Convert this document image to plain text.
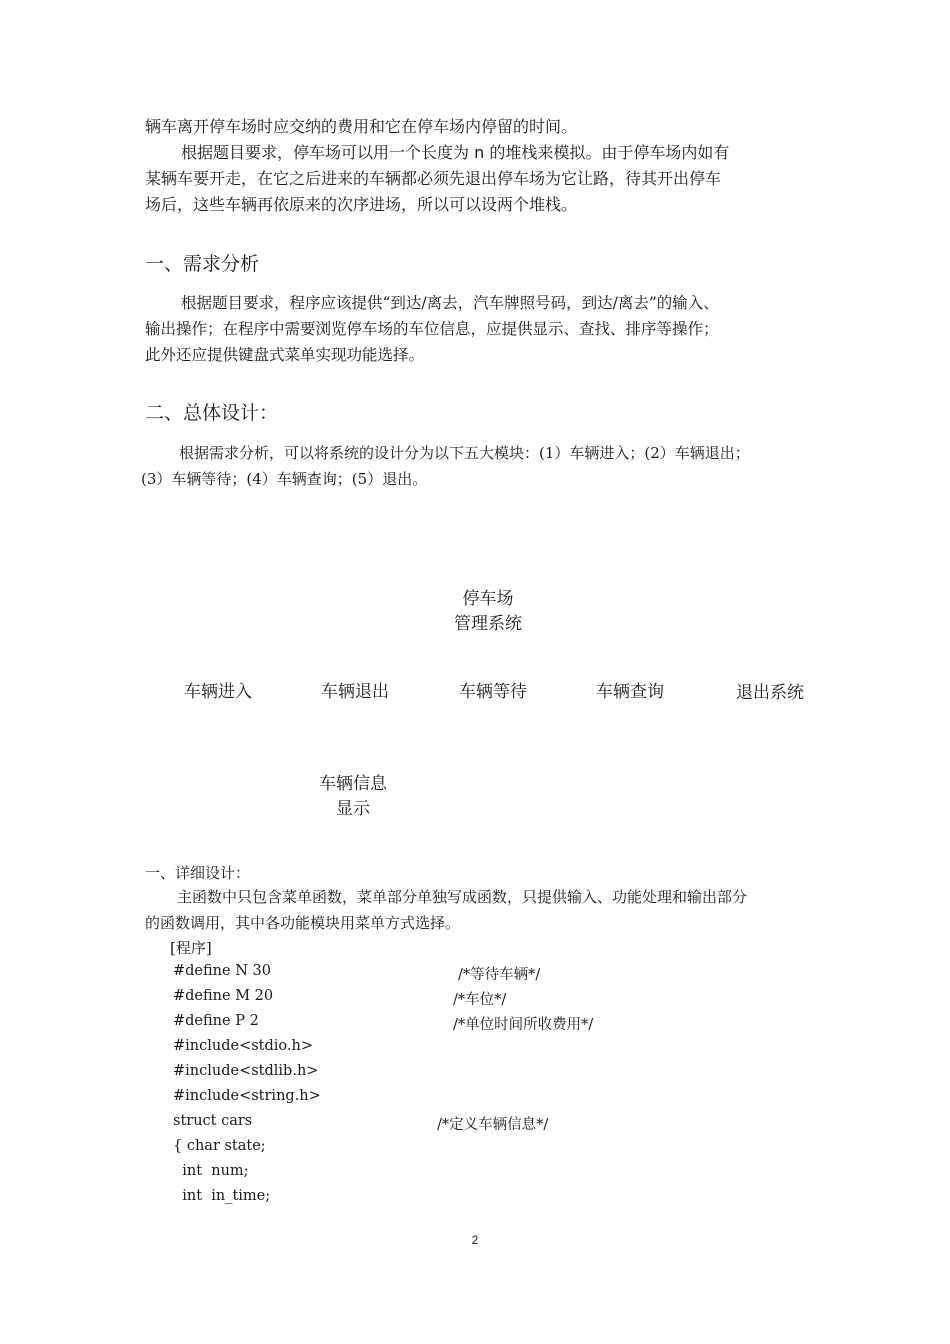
辆车离开停车场时应交纳的费用和它在停车场内停留的时间。
根据题目要求，停车场可以用一个长度为 n 的堆栈来模拟。由于停车场内如有
某辆车要开走，在它之后进来的车辆都必须先退出停车场为它让路，待其开出停车
场后，这些车辆再依原来的次序进场，所以可以设两个堆栈。
一、需求分析
根据题目要求，程序应该提供“到达/离去，汽车牌照号码，到达/离去”的输入、
输出操作；在程序中需要浏览停车场的车位信息，应提供显示、查找、排序等操作；
此外还应提供键盘式菜单实现功能选择。
二、总体设计：
根据需求分析，可以将系统的设计分为以下五大模块：(1）车辆进入；(2）车辆退出；
(3）车辆等待；(4）车辆查询；(5）退出。
停车场
管理系统
车辆进入	车辆退出	车辆等待	车辆查询	退出系统
车辆信息
显示
一、详细设计：
主函数中只包含菜单函数，菜单部分单独写成函数，只提供输入、功能处理和输出部分
的函数调用，其中各功能模块用菜单方式选择。
[程序]
#define N 30	/*等待车辆*/
#define M 20	/*车位*/
#define P 2	/*单位时间所收费用*/
#include<stdio.h>
#include<stdlib.h>
#include<string.h>
struct cars	/*定义车辆信息*/
{ char state;
int  num;
int  in_time;
2
